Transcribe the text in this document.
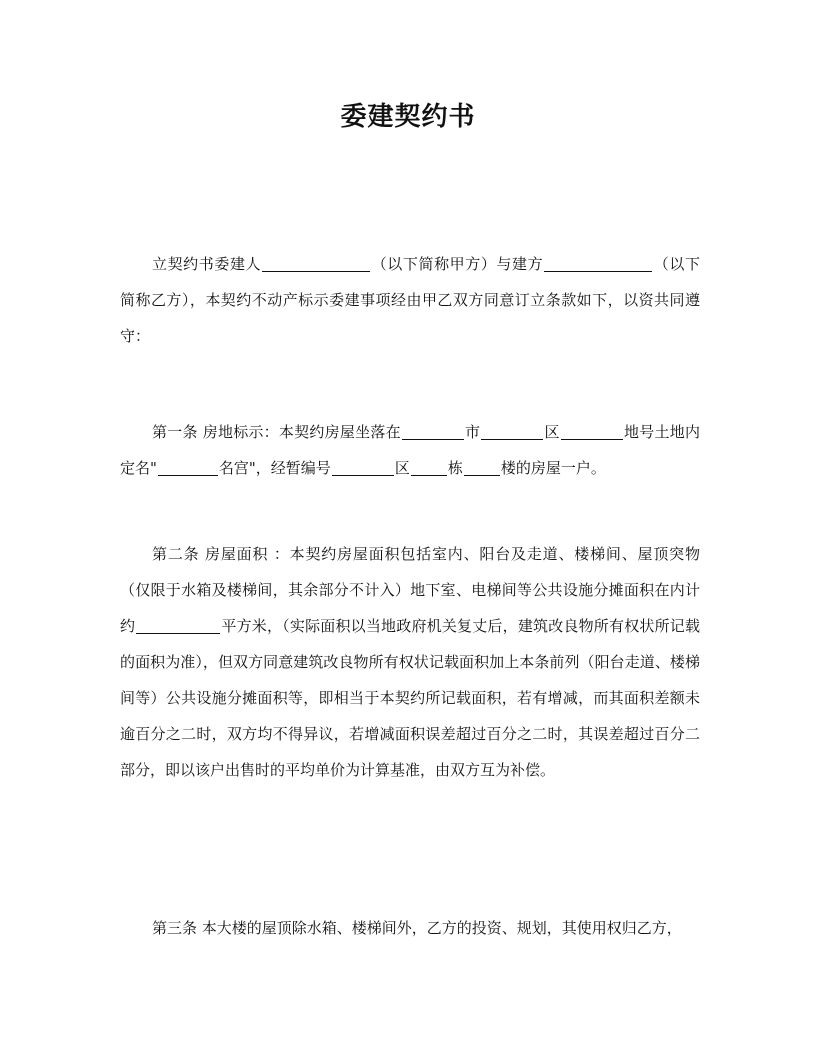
委建契约书

立契约书委建人	（以下简称甲方）与建方	（以下简称乙方），本契约不动产标示委建事项经由甲乙双方同意订立条款如下，以资共同遵守：

第一条 房地标示：本契约房屋坐落在	市	区	地号土地内定名"	名宫"，经暂编号	区	栋	楼的房屋一户。

第二条 房屋面积 ：本契约房屋面积包括室内、阳台及走道、楼梯间、屋顶突物（仅限于水箱及楼梯间，其余部分不计入）地下室、电梯间等公共设施分摊面积在内计约	平方米，（实际面积以当地政府机关复丈后，建筑改良物所有权状所记载的面积为准），但双方同意建筑改良物所有权状记载面积加上本条前列（阳台走道、楼梯间等）公共设施分摊面积等，即相当于本契约所记载面积，若有增减，而其面积差额未逾百分之二时，双方均不得异议，若增减面积误差超过百分之二时，其误差超过百分二部分，即以该户出售时的平均单价为计算基准，由双方互为补偿。

第三条 本大楼的屋顶除水箱、楼梯间外，乙方的投资、规划，其使用权归乙方，
